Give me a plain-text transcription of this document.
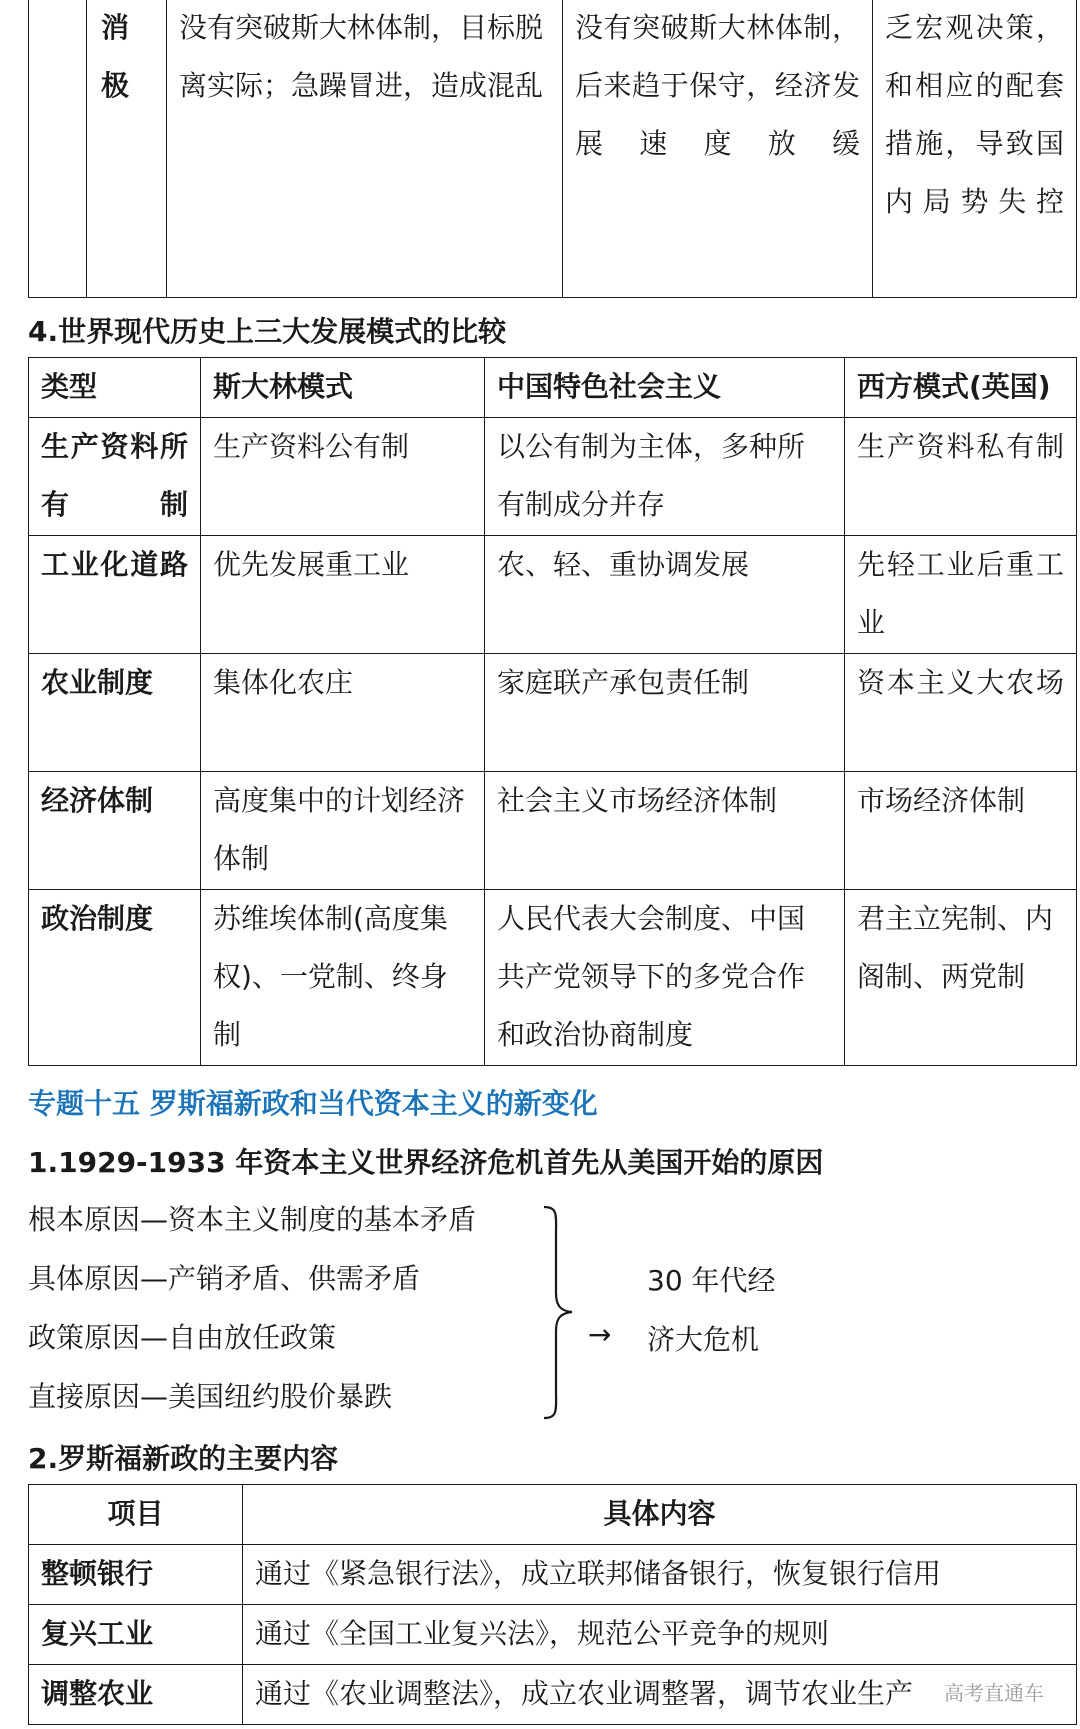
	消极	没有突破斯大林体制，目标脱离实际；急躁冒进，造成混乱	没有突破斯大林体制，后来趋于保守，经济发展速度放缓	乏宏观决策，和相应的配套措施，导致国内局势失控
4.世界现代历史上三大发展模式的比较
类型	斯大林模式	中国特色社会主义	西方模式(英国)
生产资料所有制	生产资料公有制	以公有制为主体，多种所有制成分并存	生产资料私有制
工业化道路	优先发展重工业	农、轻、重协调发展	先轻工业后重工业
农业制度	集体化农庄	家庭联产承包责任制	资本主义大农场
经济体制	高度集中的计划经济体制	社会主义市场经济体制	市场经济体制
政治制度	苏维埃体制(高度集权)、一党制、终身制	人民代表大会制度、中国共产党领导下的多党合作和政治协商制度	君主立宪制、内阁制、两党制
专题十五 罗斯福新政和当代资本主义的新变化
1.1929-1933 年资本主义世界经济危机首先从美国开始的原因
根本原因—资本主义制度的基本矛盾
具体原因—产销矛盾、供需矛盾
政策原因—自由放任政策
直接原因—美国纽约股价暴跌
→
30 年代经
济大危机
2.罗斯福新政的主要内容
项目	具体内容
整顿银行	通过《紧急银行法》，成立联邦储备银行，恢复银行信用
复兴工业	通过《全国工业复兴法》，规范公平竞争的规则
调整农业	通过《农业调整法》，成立农业调整署，调节农业生产 高考直通车
